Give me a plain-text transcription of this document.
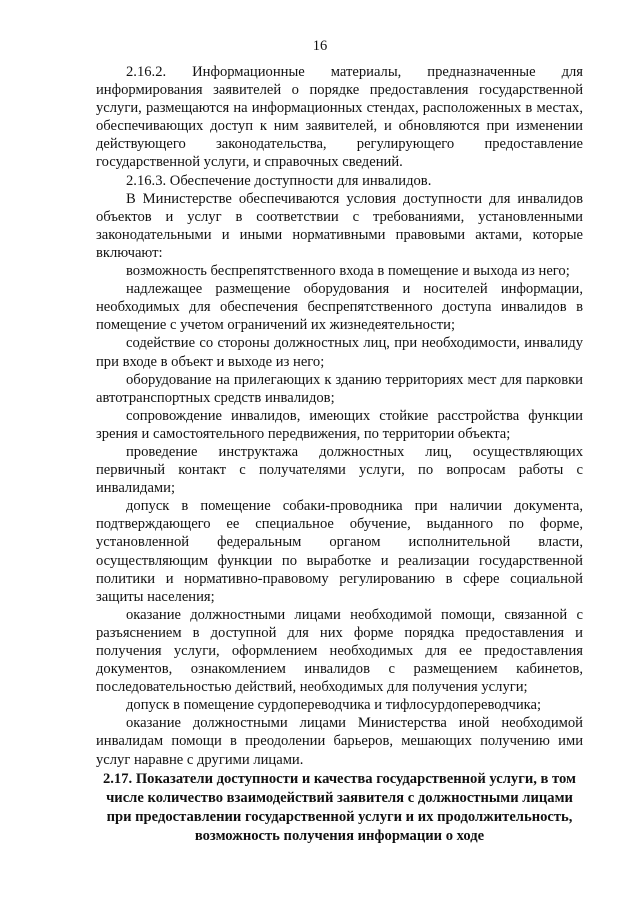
16

2.16.2. Информационные материалы, предназначенные для информирования заявителей о порядке предоставления государственной услуги, размещаются на информационных стендах, расположенных в местах, обеспечивающих доступ к ним заявителей, и обновляются при изменении действующего законодательства, регулирующего предоставление государственной услуги, и справочных сведений.

2.16.3. Обеспечение доступности для инвалидов.

В Министерстве обеспечиваются условия доступности для инвалидов объектов и услуг в соответствии с требованиями, установленными законодательными и иными нормативными правовыми актами, которые включают:

возможность беспрепятственного входа в помещение и выхода из него;

надлежащее размещение оборудования и носителей информации, необходимых для обеспечения беспрепятственного доступа инвалидов в помещение с учетом ограничений их жизнедеятельности;

содействие со стороны должностных лиц, при необходимости, инвалиду при входе в объект и выходе из него;

оборудование на прилегающих к зданию территориях мест для парковки автотранспортных средств инвалидов;

сопровождение инвалидов, имеющих стойкие расстройства функции зрения и самостоятельного передвижения, по территории объекта;

проведение инструктажа должностных лиц, осуществляющих первичный контакт с получателями услуги, по вопросам работы с инвалидами;

допуск в помещение собаки-проводника при наличии документа, подтверждающего ее специальное обучение, выданного по форме, установленной федеральным органом исполнительной власти, осуществляющим функции по выработке и реализации государственной политики и нормативно-правовому регулированию в сфере социальной защиты населения;

оказание должностными лицами необходимой помощи, связанной с разъяснением в доступной для них форме порядка предоставления и получения услуги, оформлением необходимых для ее предоставления документов, ознакомлением инвалидов с размещением кабинетов, последовательностью действий, необходимых для получения услуги;

допуск в помещение сурдопереводчика и тифлосурдопереводчика;

оказание должностными лицами Министерства иной необходимой инвалидам помощи в преодолении барьеров, мешающих получению ими услуг наравне с другими лицами.

2.17. Показатели доступности и качества государственной услуги, в том числе количество взаимодействий заявителя с должностными лицами при предоставлении государственной услуги и их продолжительность, возможность получения информации о ходе
